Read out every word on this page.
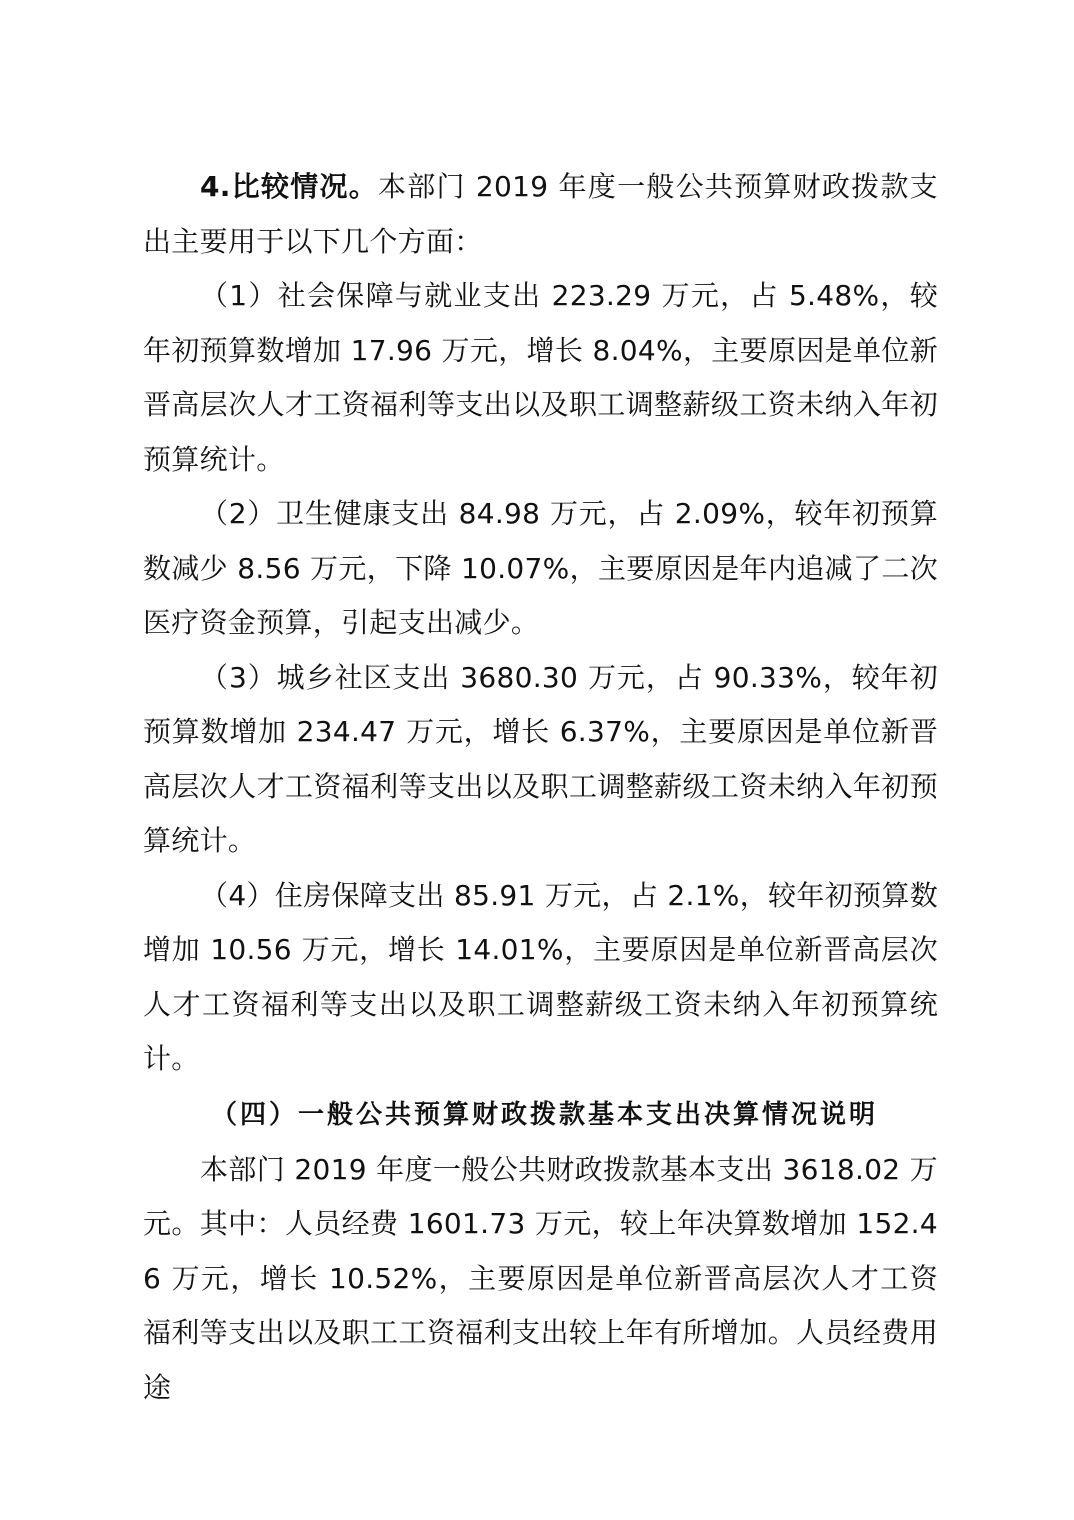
4.比较情况。本部门 2019 年度一般公共预算财政拨款支出主要用于以下几个方面：

（1）社会保障与就业支出 223.29 万元，占 5.48%，较年初预算数增加 17.96 万元，增长 8.04%，主要原因是单位新晋高层次人才工资福利等支出以及职工调整薪级工资未纳入年初预算统计。

（2）卫生健康支出 84.98 万元，占 2.09%，较年初预算数减少 8.56 万元，下降 10.07%，主要原因是年内追减了二次医疗资金预算，引起支出减少。

（3）城乡社区支出 3680.30 万元，占 90.33%，较年初预算数增加 234.47 万元，增长 6.37%，主要原因是单位新晋高层次人才工资福利等支出以及职工调整薪级工资未纳入年初预算统计。

（4）住房保障支出 85.91 万元，占 2.1%，较年初预算数增加 10.56 万元，增长 14.01%，主要原因是单位新晋高层次人才工资福利等支出以及职工调整薪级工资未纳入年初预算统计。

（四）一般公共预算财政拨款基本支出决算情况说明

本部门 2019 年度一般公共财政拨款基本支出 3618.02 万元。其中：人员经费 1601.73 万元，较上年决算数增加 152.46 万元，增长 10.52%，主要原因是单位新晋高层次人才工资福利等支出以及职工工资福利支出较上年有所增加。人员经费用途
